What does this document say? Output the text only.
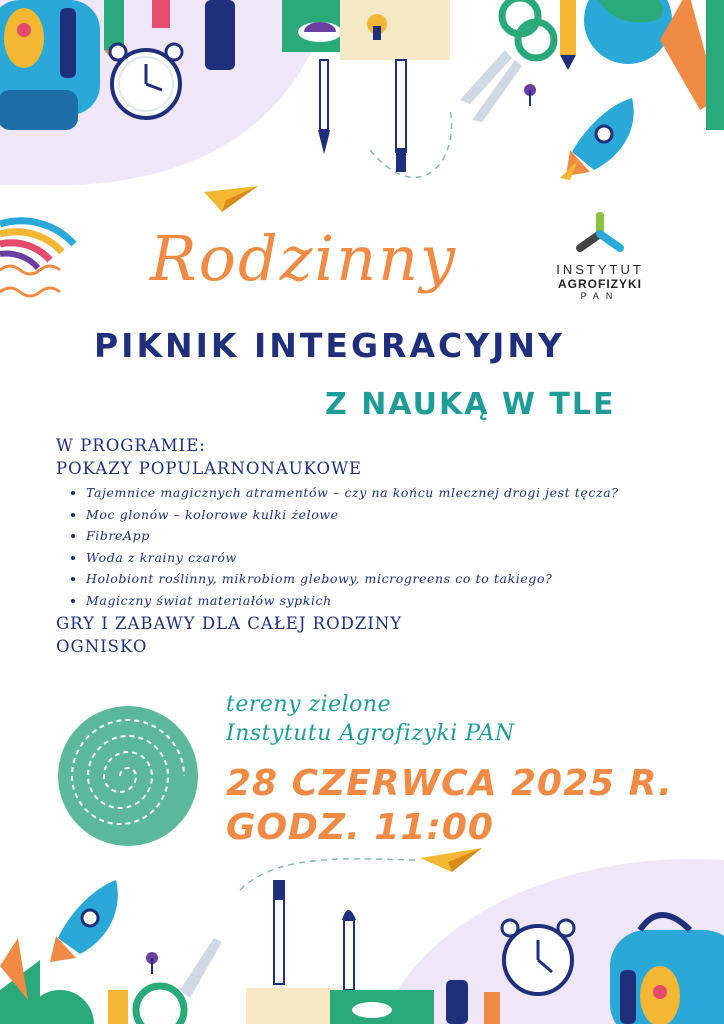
INSTYTUT
AGROFIZYKI
PAN
Rodzinny
PIKNIK INTEGRACYJNY
Z NAUKĄ W TLE
W PROGRAMIE:
POKAZY POPULARNONAUKOWE
• Tajemnice magicznych atramentów – czy na końcu mlecznej drogi jest tęcza?
• Moc glonów – kolorowe kulki żelowe
• FibreApp
• Woda z krainy czarów
• Holobiont roślinny, mikrobiom glebowy, microgreens co to takiego?
• Magiczny świat materiałów sypkich
GRY I ZABAWY DLA CAŁEJ RODZINY
OGNISKO
tereny zielone
Instytutu Agrofizyki PAN
28 CZERWCA 2025 R.
GODZ. 11:00
